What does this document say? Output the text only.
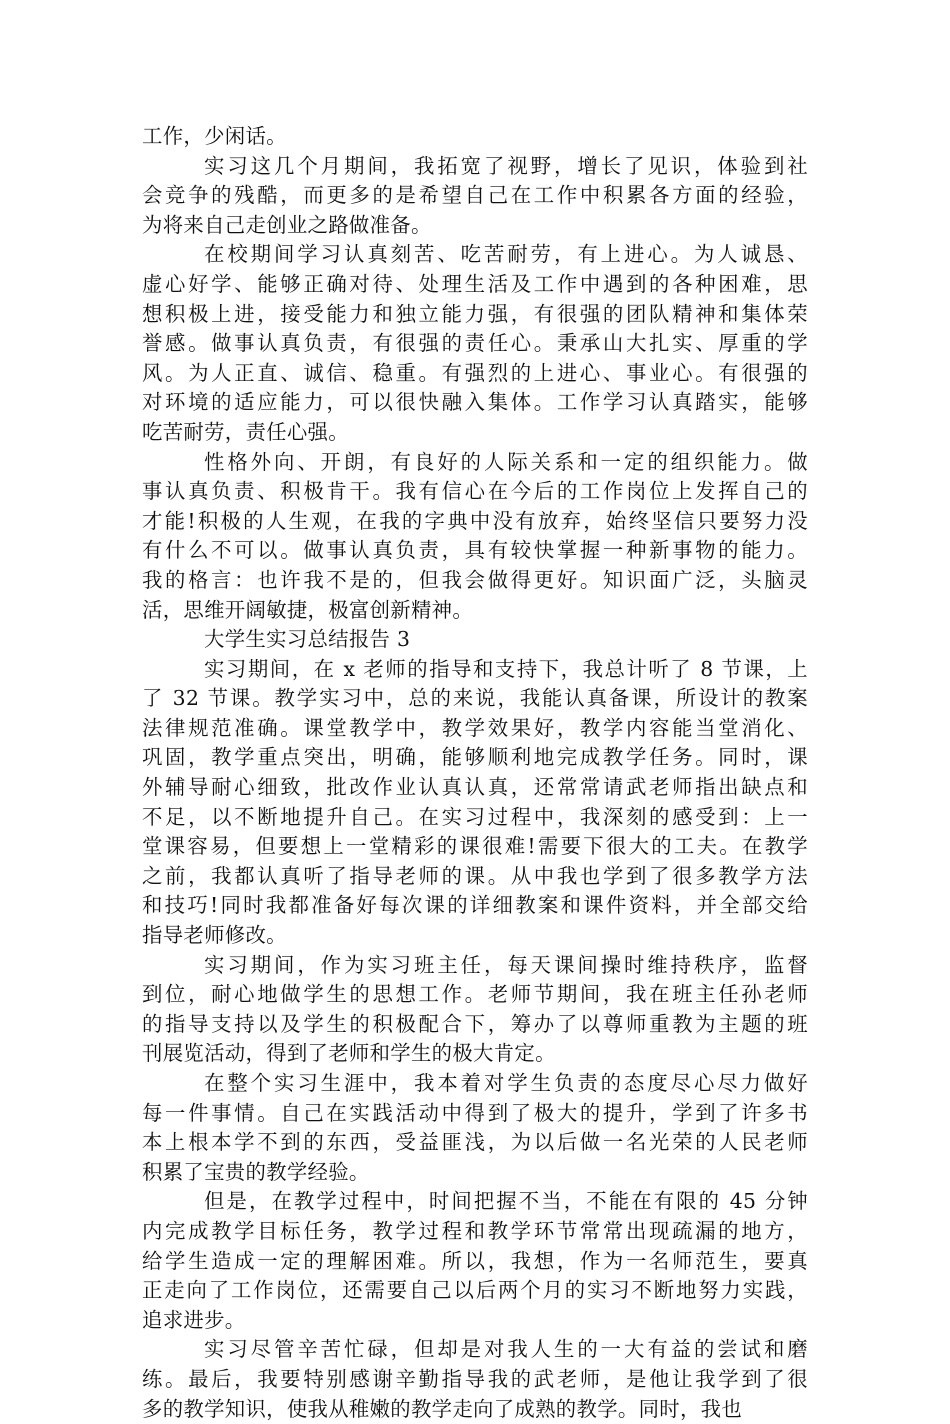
工作，少闲话。
实习这几个月期间，我拓宽了视野，增长了见识，体验到社
会竞争的残酷，而更多的是希望自己在工作中积累各方面的经验，
为将来自己走创业之路做准备。
在校期间学习认真刻苦、吃苦耐劳，有上进心。为人诚恳、
虚心好学、能够正确对待、处理生活及工作中遇到的各种困难，思
想积极上进，接受能力和独立能力强，有很强的团队精神和集体荣
誉感。做事认真负责，有很强的责任心。秉承山大扎实、厚重的学
风。为人正直、诚信、稳重。有强烈的上进心、事业心。有很强的
对环境的适应能力，可以很快融入集体。工作学习认真踏实，能够
吃苦耐劳，责任心强。
性格外向、开朗，有良好的人际关系和一定的组织能力。做
事认真负责、积极肯干。我有信心在今后的工作岗位上发挥自己的
才能!积极的人生观，在我的字典中没有放弃，始终坚信只要努力没
有什么不可以。做事认真负责，具有较快掌握一种新事物的能力。
我的格言：也许我不是的，但我会做得更好。知识面广泛，头脑灵
活，思维开阔敏捷，极富创新精神。
大学生实习总结报告 3
实习期间，在 x 老师的指导和支持下，我总计听了 8 节课，上
了 32 节课。教学实习中，总的来说，我能认真备课，所设计的教案
法律规范准确。课堂教学中，教学效果好，教学内容能当堂消化、
巩固，教学重点突出，明确，能够顺利地完成教学任务。同时，课
外辅导耐心细致，批改作业认真认真，还常常请武老师指出缺点和
不足，以不断地提升自己。在实习过程中，我深刻的感受到：上一
堂课容易，但要想上一堂精彩的课很难!需要下很大的工夫。在教学
之前，我都认真听了指导老师的课。从中我也学到了很多教学方法
和技巧!同时我都准备好每次课的详细教案和课件资料，并全部交给
指导老师修改。
实习期间，作为实习班主任，每天课间操时维持秩序，监督
到位，耐心地做学生的思想工作。老师节期间，我在班主任孙老师
的指导支持以及学生的积极配合下，筹办了以尊师重教为主题的班
刊展览活动，得到了老师和学生的极大肯定。
在整个实习生涯中，我本着对学生负责的态度尽心尽力做好
每一件事情。自己在实践活动中得到了极大的提升，学到了许多书
本上根本学不到的东西，受益匪浅，为以后做一名光荣的人民老师
积累了宝贵的教学经验。
但是，在教学过程中，时间把握不当，不能在有限的 45 分钟
内完成教学目标任务，教学过程和教学环节常常出现疏漏的地方，
给学生造成一定的理解困难。所以，我想，作为一名师范生，要真
正走向了工作岗位，还需要自己以后两个月的实习不断地努力实践，
追求进步。
实习尽管辛苦忙碌，但却是对我人生的一大有益的尝试和磨
练。最后，我要特别感谢辛勤指导我的武老师，是他让我学到了很
多的教学知识，使我从稚嫩的教学走向了成熟的教学。同时，我也
